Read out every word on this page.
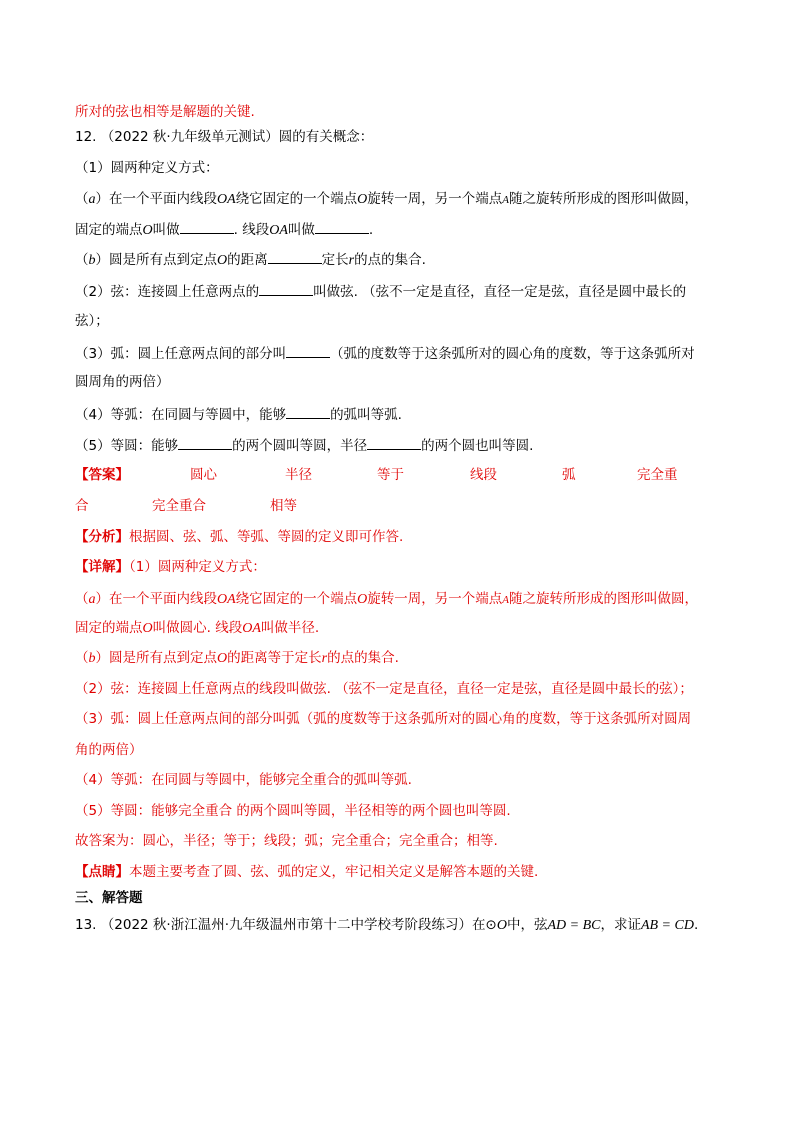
所对的弦也相等是解题的关键.
12. （2022 秋·九年级单元测试）圆的有关概念：
（1）圆两种定义方式：
（a）在一个平面内线段OA绕它固定的一个端点O旋转一周，另一个端点A随之旋转所形成的图形叫做圆，
固定的端点O叫做	. 线段OA叫做	.
（b）圆是所有点到定点O的距离	定长r的点的集合.
（2）弦：连接圆上任意两点的	叫做弦. （弦不一定是直径，直径一定是弦，直径是圆中最长的
弦）；
（3）弧：圆上任意两点间的部分叫	（弧的度数等于这条弧所对的圆心角的度数，等于这条弧所对
圆周角的两倍）
（4）等弧：在同圆与等圆中，能够	的弧叫等弧.
（5）等圆：能够	的两个圆叫等圆，半径	的两个圆也叫等圆.
【答案】	圆心	半径	等于	线段	弧	完全重
合	完全重合	相等
【分析】根据圆、弦、弧、等弧、等圆的定义即可作答.
【详解】（1）圆两种定义方式：
（a）在一个平面内线段OA绕它固定的一个端点O旋转一周，另一个端点A随之旋转所形成的图形叫做圆，
固定的端点O叫做圆心. 线段OA叫做半径.
（b）圆是所有点到定点O的距离等于定长r的点的集合.
（2）弦：连接圆上任意两点的线段叫做弦. （弦不一定是直径，直径一定是弦，直径是圆中最长的弦）；
（3）弧：圆上任意两点间的部分叫弧（弧的度数等于这条弧所对的圆心角的度数，等于这条弧所对圆周
角的两倍）
（4）等弧：在同圆与等圆中，能够完全重合的弧叫等弧.
（5）等圆：能够完全重合 的两个圆叫等圆，半径相等的两个圆也叫等圆.
故答案为：圆心，半径；等于；线段；弧；完全重合；完全重合；相等.
【点睛】本题主要考查了圆、弦、弧的定义，牢记相关定义是解答本题的关键.
三、解答题
13. （2022 秋·浙江温州·九年级温州市第十二中学校考阶段练习）在⊙O中，弦AD = BC，求证AB = CD.
